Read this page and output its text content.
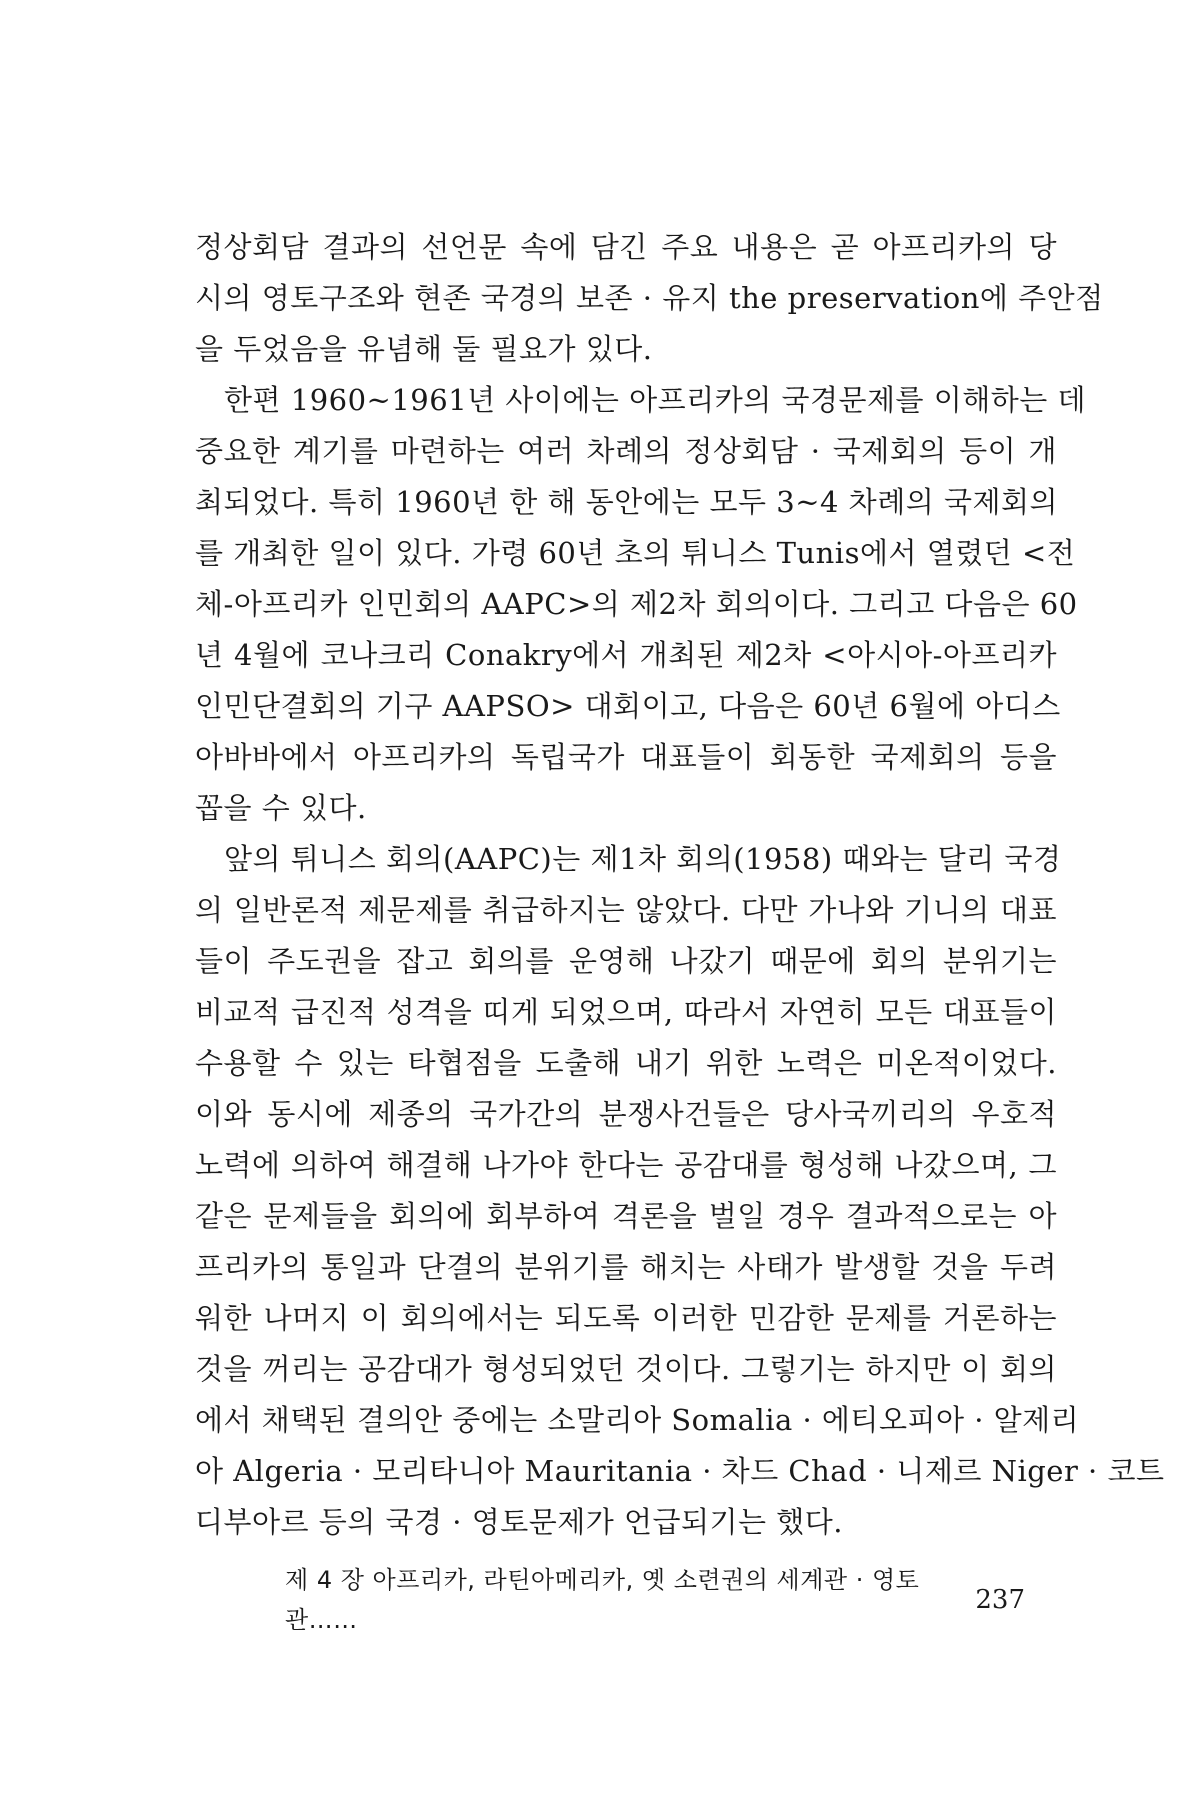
정상회담 결과의 선언문 속에 담긴 주요 내용은 곧 아프리카의 당
시의 영토구조와 현존 국경의 보존 · 유지 the preservation에 주안점
을 두었음을 유념해 둘 필요가 있다.
한편 1960~1961년 사이에는 아프리카의 국경문제를 이해하는 데
중요한 계기를 마련하는 여러 차례의 정상회담 · 국제회의 등이 개
최되었다. 특히 1960년 한 해 동안에는 모두 3~4 차례의 국제회의
를 개최한 일이 있다. 가령 60년 초의 튀니스 Tunis에서 열렸던 <전
체-아프리카 인민회의 AAPC>의 제2차 회의이다. 그리고 다음은 60
년 4월에 코나크리 Conakry에서 개최된 제2차 <아시아-아프리카
인민단결회의 기구 AAPSO> 대회이고, 다음은 60년 6월에 아디스
아바바에서 아프리카의 독립국가 대표들이 회동한 국제회의 등을
꼽을 수 있다.
앞의 튀니스 회의(AAPC)는 제1차 회의(1958) 때와는 달리 국경
의 일반론적 제문제를 취급하지는 않았다. 다만 가나와 기니의 대표
들이 주도권을 잡고 회의를 운영해 나갔기 때문에 회의 분위기는
비교적 급진적 성격을 띠게 되었으며, 따라서 자연히 모든 대표들이
수용할 수 있는 타협점을 도출해 내기 위한 노력은 미온적이었다.
이와 동시에 제종의 국가간의 분쟁사건들은 당사국끼리의 우호적
노력에 의하여 해결해 나가야 한다는 공감대를 형성해 나갔으며, 그
같은 문제들을 회의에 회부하여 격론을 벌일 경우 결과적으로는 아
프리카의 통일과 단결의 분위기를 해치는 사태가 발생할 것을 두려
워한 나머지 이 회의에서는 되도록 이러한 민감한 문제를 거론하는
것을 꺼리는 공감대가 형성되었던 것이다. 그렇기는 하지만 이 회의
에서 채택된 결의안 중에는 소말리아 Somalia · 에티오피아 · 알제리
아 Algeria · 모리타니아 Mauritania · 차드 Chad · 니제르 Niger · 코트
디부아르 등의 국경 · 영토문제가 언급되기는 했다.
제 4 장 아프리카, 라틴아메리카, 옛 소련권의 세계관 · 영토관……
237
